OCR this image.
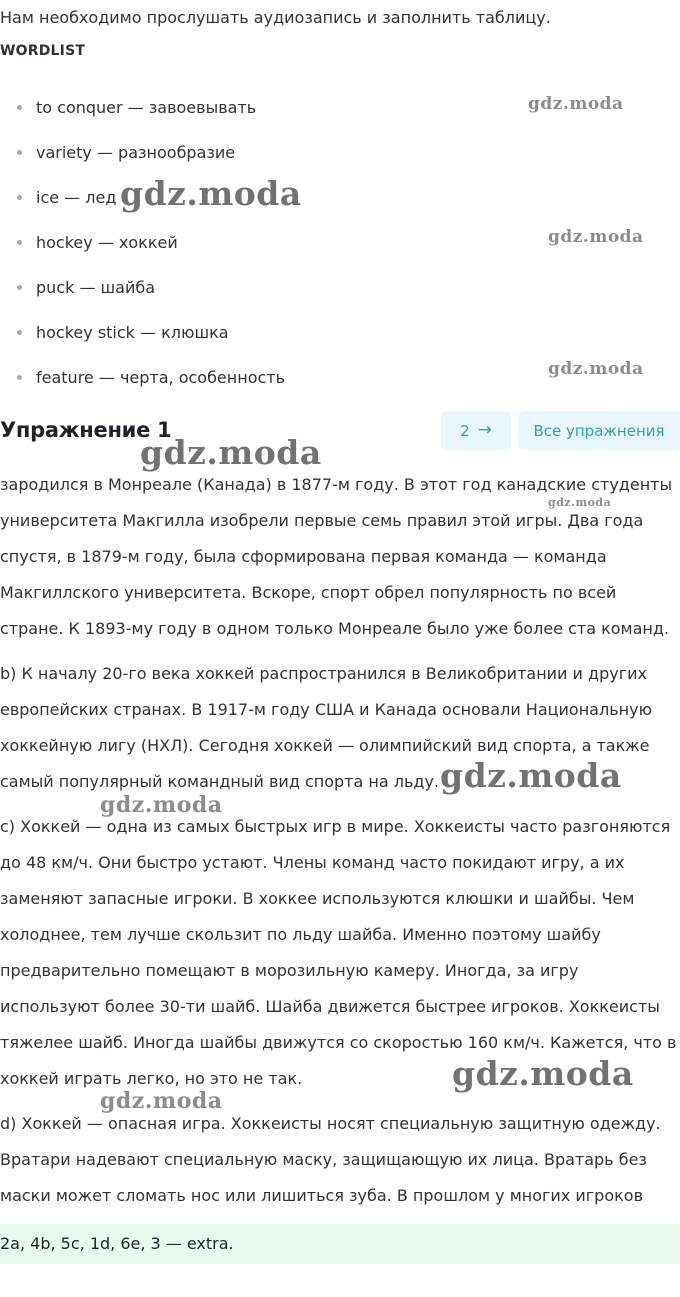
Нам необходимо прослушать аудиозапись и заполнить таблицу.
WORDLIST
to conquer — завоевывать
variety — разнообразие
ice — лед
hockey — хоккей
puck — шайба
hockey stick — клюшка
feature — черта, особенность
Упражнение 1	2 →	Все упражнения

зародился в Монреале (Канада) в 1877-м году. В этот год канадские студенты университета Макгилла изобрели первые семь правил этой игры. Два года спустя, в 1879-м году, была сформирована первая команда — команда Макгиллского университета. Вскоре, спорт обрел популярность по всей стране. К 1893-му году в одном только Монреале было уже более ста команд.

b) К началу 20-го века хоккей распространился в Великобритании и других европейских странах. В 1917-м году США и Канада основали Национальную хоккейную лигу (НХЛ). Сегодня хоккей — олимпийский вид спорта, а также самый популярный командный вид спорта на льду.

c) Хоккей — одна из самых быстрых игр в мире. Хоккеисты часто разгоняются до 48 км/ч. Они быстро устают. Члены команд часто покидают игру, а их заменяют запасные игроки. В хоккее используются клюшки и шайбы. Чем холоднее, тем лучше скользит по льду шайба. Именно поэтому шайбу предварительно помещают в морозильную камеру. Иногда, за игру используют более 30-ти шайб. Шайба движется быстрее игроков. Хоккеисты тяжелее шайб. Иногда шайбы движутся со скоростью 160 км/ч. Кажется, что в хоккей играть легко, но это не так.

d) Хоккей — опасная игра. Хоккеисты носят специальную защитную одежду. Вратари надевают специальную маску, защищающую их лица. Вратарь без маски может сломать нос или лишиться зуба. В прошлом у многих игроков

2a, 4b, 5c, 1d, 6e, 3 — extra.
gdz.moda
gdz.moda
gdz.moda
gdz.moda
gdz.moda
gdz.moda
gdz.moda
gdz.moda
gdz.moda
gdz.moda
